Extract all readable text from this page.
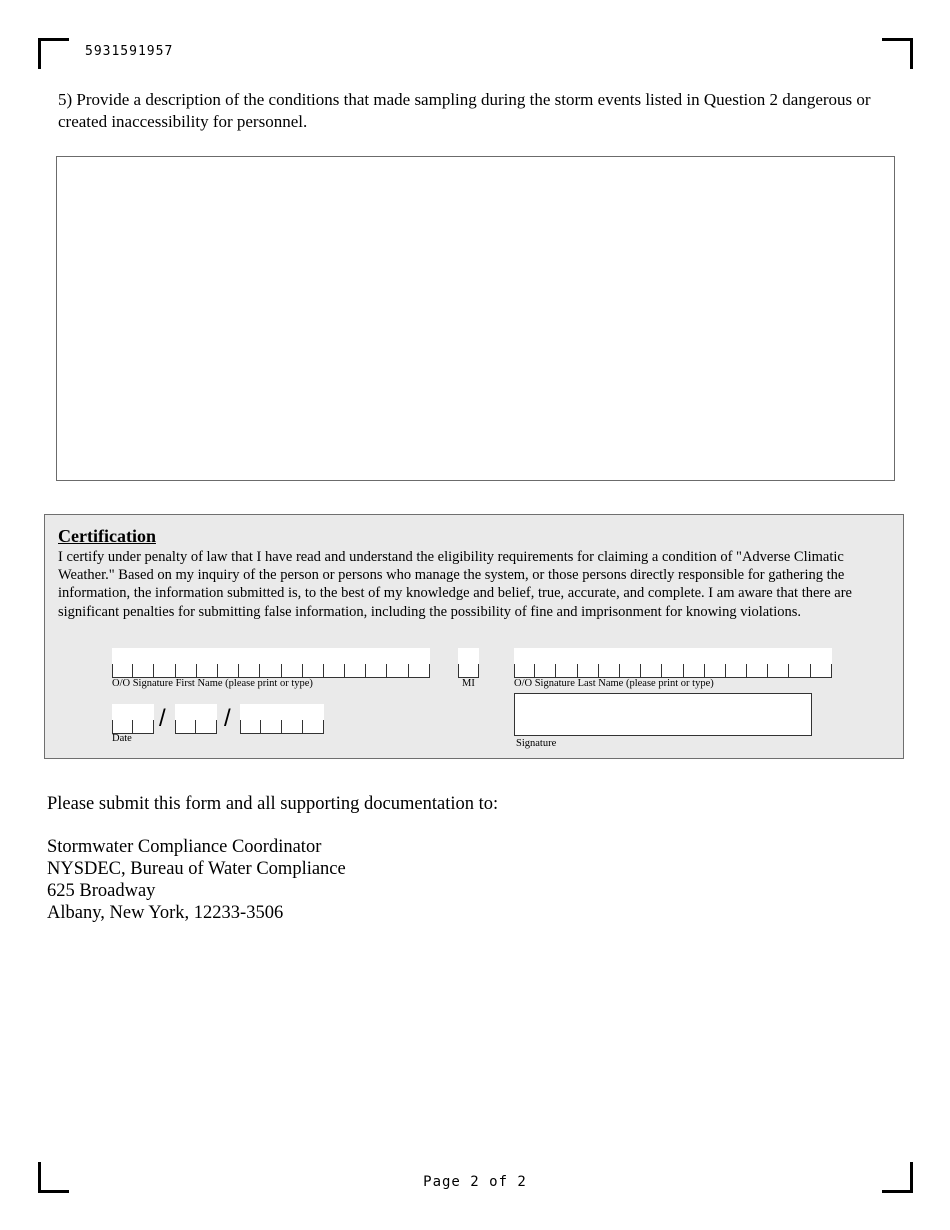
5931591957
5) Provide a description of the conditions that made sampling during the storm events listed in Question 2 dangerous or created inaccessibility for personnel.
Certification
I certify under penalty of law that I have read and understand the eligibility requirements for claiming a condition of "Adverse Climatic Weather." Based on my inquiry of the person or persons who manage the system, or those persons directly responsible for gathering the information, the information submitted is, to the best of my knowledge and belief, true, accurate, and complete. I am aware that there are significant penalties for submitting false information, including the possibility of fine and imprisonment for knowing violations.
O/O Signature First Name (please print or type)	MI	O/O Signature Last Name (please print or type)
/ /
Date	Signature
Please submit this form and all supporting documentation to:
Stormwater Compliance Coordinator
NYSDEC, Bureau of Water Compliance
625 Broadway
Albany, New York, 12233-3506
Page 2 of 2
